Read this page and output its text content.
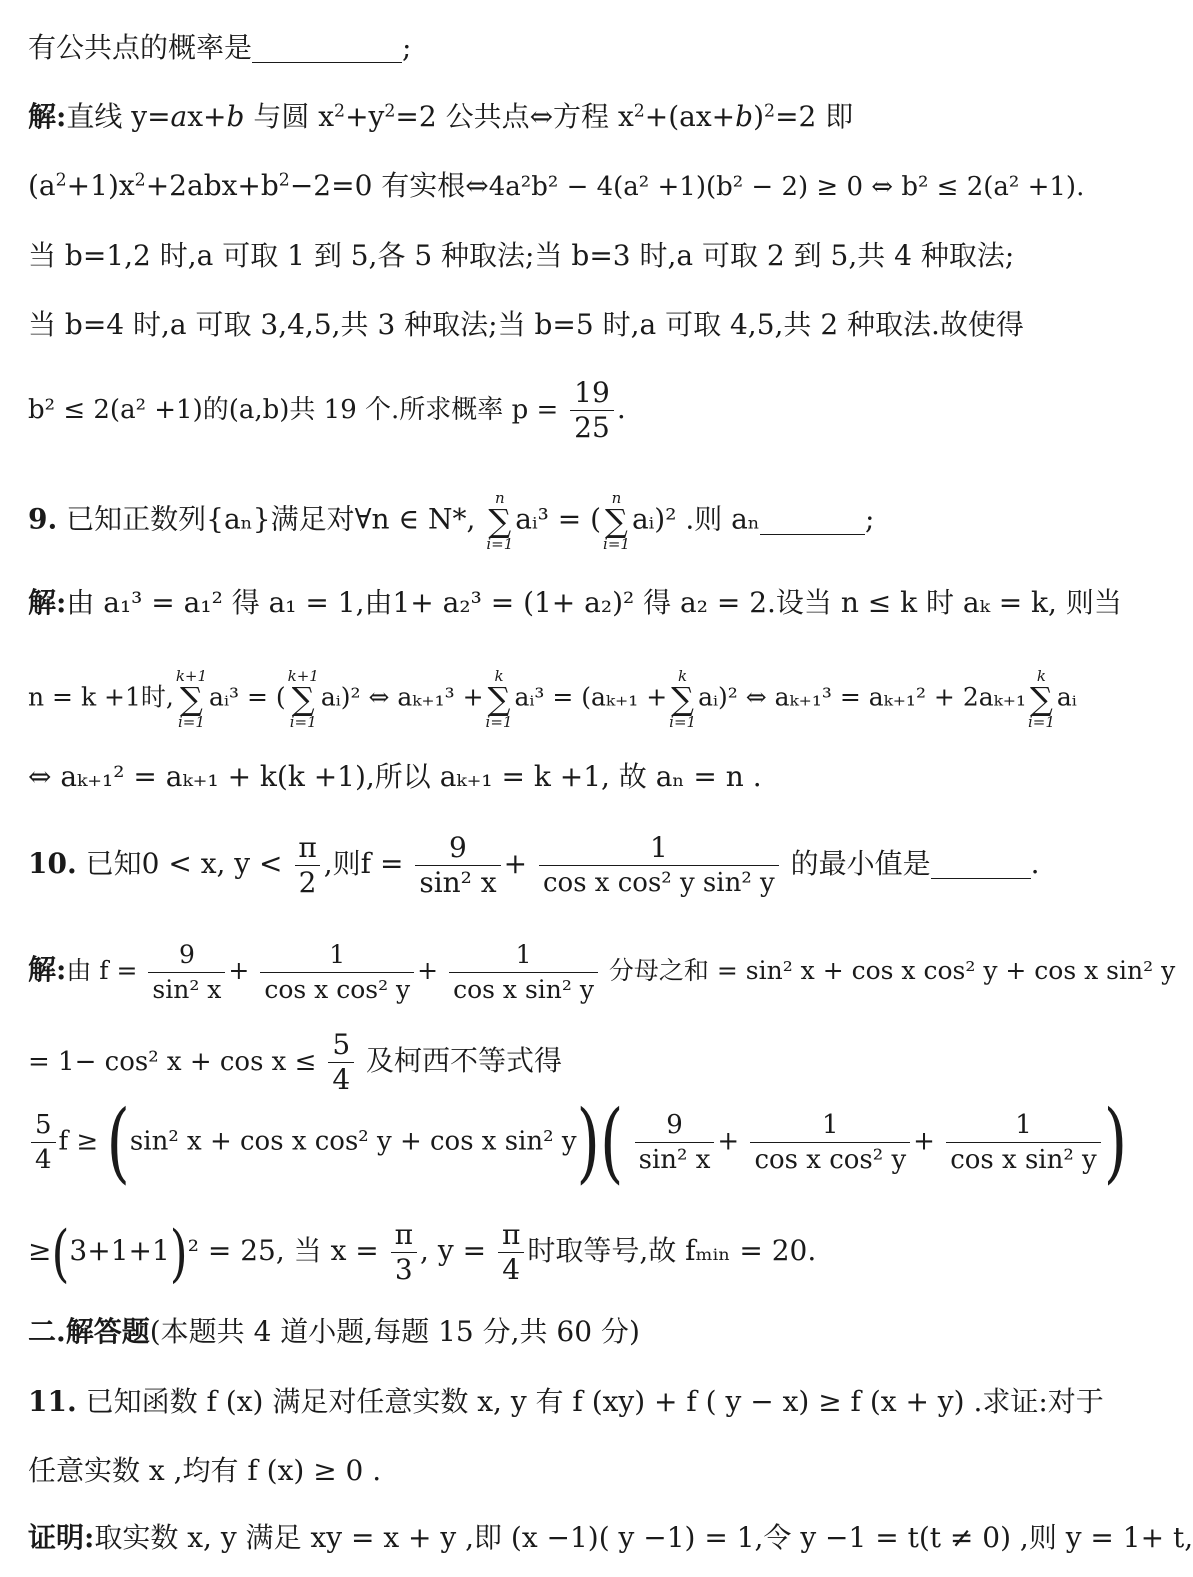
有公共点的概率是	;
解:直线 y=ax+b 与圆 $x^2+y^2=2$ 公共点⇔方程 $x^2+(ax+b)^2=2$ 即
$(a^2+1)x^2+2abx+b^2-2=0$ 有实根⇔4a²b² − 4(a² +1)(b² − 2) ≥ 0 ⇔ b² ≤ 2(a² +1).
当 b=1,2 时,a 可取 1 到 5,各 5 种取法;当 b=3 时,a 可取 2 到 5,共 4 种取法;
当 b=4 时,a 可取 3,4,5,共 3 种取法;当 b=5 时,a 可取 4,5,共 2 种取法.故使得
b² ≤ 2(a² +1)的(a,b)共 19 个.所求概率 $p = \frac{19}{25}$ .
9. 已知正数列{aₙ}满足对∀n ∈ N*,
n
∑
i=1
aᵢ³ = (
n
∑
i=1
aᵢ)² .则 aₙ	;
解:由 a₁³ = a₁² 得 a₁ = 1,由1+ a₂³ = (1+ a₂)² 得 a₂ = 2.设当 n ≤ k 时 aₖ = k, 则当
n = k +1时,
k+1
∑
i=1
aᵢ³ = (
k+1
∑
i=1
aᵢ)² ⇔ aₖ₊₁³ +
k
∑
i=1
aᵢ³ = (aₖ₊₁ +
k
∑
i=1
aᵢ)² ⇔ aₖ₊₁³ = aₖ₊₁² + 2aₖ₊₁
k
∑
i=1
aᵢ
⇔ aₖ₊₁² = aₖ₊₁ + k(k +1),所以 aₖ₊₁ = k +1, 故 aₙ = n .
10. 已知0 < x, $y < \frac{\pi}{2}$ ,则$f = \frac{9}{\text{sin² x}} + \frac{1}{\text{cos x cos² y sin² y}}$ 的最小值是	.
解:由 $f = \frac{9}{\text{sin² x}} + \frac{1}{\text{cos x cos² y}} + \frac{1}{\text{cos x sin² y}}$ 分母之和 = sin² x + cos x cos² y + cos x sin² y
= 1− cos² $x + \cos x \le \frac{5}{4}$ 及柯西不等式得
$\frac{5}{4}$ f ≥ (sin² x + cos x cos² y + cos x sin² $y)( \frac{9}{\text{sin² x}} + \frac{1}{\text{cos x cos² y}} + \frac{1}{\text{cos x sin² y}}$ )
≥(3+1+1)² = 25, 当 $x = \frac{\pi}{3}$ , $y = \frac{\pi}{4}$ 时取等号,故 fₘᵢₙ = 20.
二.解答题(本题共 4 道小题,每题 15 分,共 60 分)
11. 已知函数 f (x) 满足对任意实数 x, y 有 f (xy) + f ( y − x) ≥ f (x + y) .求证:对于
任意实数 x ,均有 f (x) ≥ 0 .
证明:取实数 x, y 满足 xy = x + y ,即 (x −1)( y −1) = 1,令 y −1 = t(t ≠ 0) ,则 y = 1+ t,
